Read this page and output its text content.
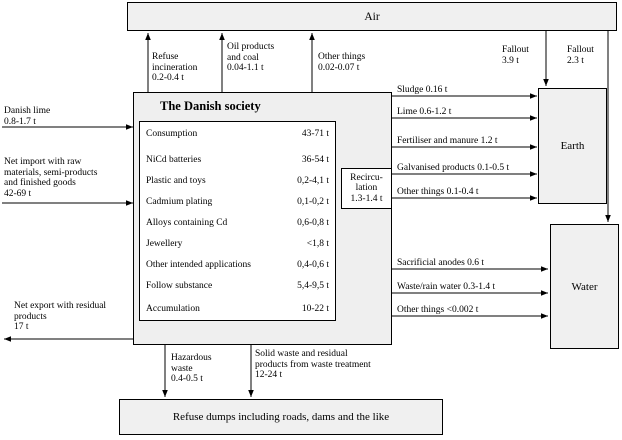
Air
Earth
Water
Refuse dumps including roads, dams and the like
The Danish society
Consumption	43-71 t
NiCd batteries	36-54 t
Plastic and toys	0,2-4,1 t
Cadmium plating	0,1-0,2 t
Alloys containing Cd	0,6-0,8 t
Jewellery	<1,8 t
Other intended applications	0,4-0,6 t
Follow substance	5,4-9,5 t
Accumulation	10-22 t
Recircu-
lation
1.3-1.4 t
Danish lime
0.8-1.7 t
Net import with raw
materials, semi-products
and finished goods
42-69 t
Net export with residual
products
17 t
Refuse
incineration
0.2-0.4 t
Oil products
and coal
0.04-1.1 t
Other things
0.02-0.07 t
Fallout
3.9 t
Fallout
2.3 t
Sludge 0.16 t
Lime 0.6-1.2 t
Fertiliser and manure 1.2 t
Galvanised products 0.1-0.5 t
Other things 0.1-0.4 t
Sacrificial anodes 0.6 t
Waste/rain water 0.3-1.4 t
Other things <0.002 t
Hazardous
waste
0.4-0.5 t
Solid waste and residual
products from waste treatment
12-24 t
